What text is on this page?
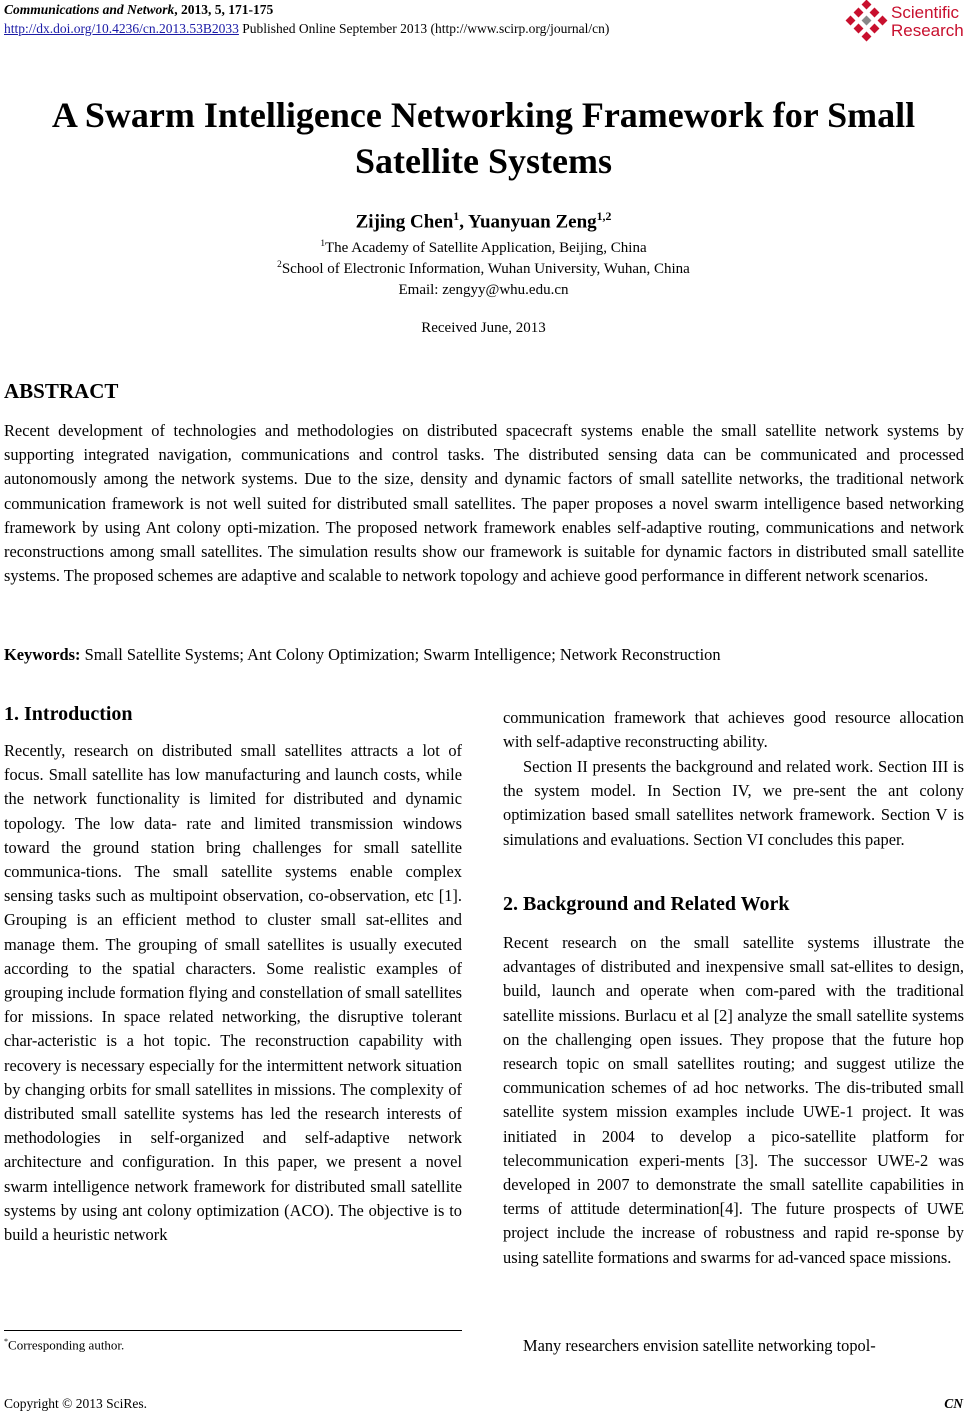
Communications and Network, 2013, 5, 171-175
http://dx.doi.org/10.4236/cn.2013.53B2033 Published Online September 2013 (http://www.scirp.org/journal/cn)
Scientific
Research
A Swarm Intelligence Networking Framework for Small
Satellite Systems
Zijing Chen$^1$, Yuanyuan Zeng$^{1,2}$
$^1$The Academy of Satellite Application, Beijing, China
$^2$School of Electronic Information, Wuhan University, Wuhan, China
Email: zengyy@whu.edu.cn
Received June, 2013
ABSTRACT
Recent development of technologies and methodologies on distributed spacecraft systems enable the small satellite network systems by supporting integrated navigation, communications and control tasks. The distributed sensing data can be communicated and processed autonomously among the network systems. Due to the size, density and dynamic factors of small satellite networks, the traditional network communication framework is not well suited for distributed small satellites. The paper proposes a novel swarm intelligence based networking framework by using Ant colony opti-mization. The proposed network framework enables self-adaptive routing, communications and network reconstructions among small satellites. The simulation results show our framework is suitable for dynamic factors in distributed small satellite systems. The proposed schemes are adaptive and scalable to network topology and achieve good performance in different network scenarios.
Keywords: Small Satellite Systems; Ant Colony Optimization; Swarm Intelligence; Network Reconstruction
1. Introduction
Recently, research on distributed small satellites attracts a lot of focus. Small satellite has low manufacturing and launch costs, while the network functionality is limited for distributed and dynamic topology. The low data- rate and limited transmission windows toward the ground station bring challenges for small satellite communica-tions. The small satellite systems enable complex sensing tasks such as multipoint observation, co-observation, etc [1]. Grouping is an efficient method to cluster small sat-ellites and manage them. The grouping of small satellites is usually executed according to the spatial characters. Some realistic examples of grouping include formation flying and constellation of small satellites for missions. In space related networking, the disruptive tolerant char-acteristic is a hot topic. The reconstruction capability with recovery is necessary especially for the intermittent network situation by changing orbits for small satellites in missions. The complexity of distributed small satellite systems has led the research interests of methodologies in self-organized and self-adaptive network architecture and configuration. In this paper, we present a novel swarm intelligence network framework for distributed small satellite systems by using ant colony optimization (ACO). The objective is to build a heuristic network
communication framework that achieves good resource allocation with self-adaptive reconstructing ability.
Section II presents the background and related work. Section III is the system model. In Section IV, we pre-sent the ant colony optimization based small satellites network framework. Section V is simulations and evaluations. Section VI concludes this paper.
2. Background and Related Work
Recent research on the small satellite systems illustrate the advantages of distributed and inexpensive small sat-ellites to design, build, launch and operate when com-pared with the traditional satellite missions. Burlacu et al [2] analyze the small satellite systems on the challenging open issues. They propose that the future hop research topic on small satellites routing; and suggest utilize the communication schemes of ad hoc networks. The dis-tributed small satellite system mission examples include UWE-1 project. It was initiated in 2004 to develop a pico-satellite platform for telecommunication experi-ments [3]. The successor UWE-2 was developed in 2007 to demonstrate the small satellite capabilities in terms of attitude determination[4]. The future prospects of UWE project include the increase of robustness and rapid re-sponse by using satellite formations and swarms for ad-vanced space missions.
Many researchers envision satellite networking topol-
*Corresponding author.
Copyright © 2013 SciRes.	CN
